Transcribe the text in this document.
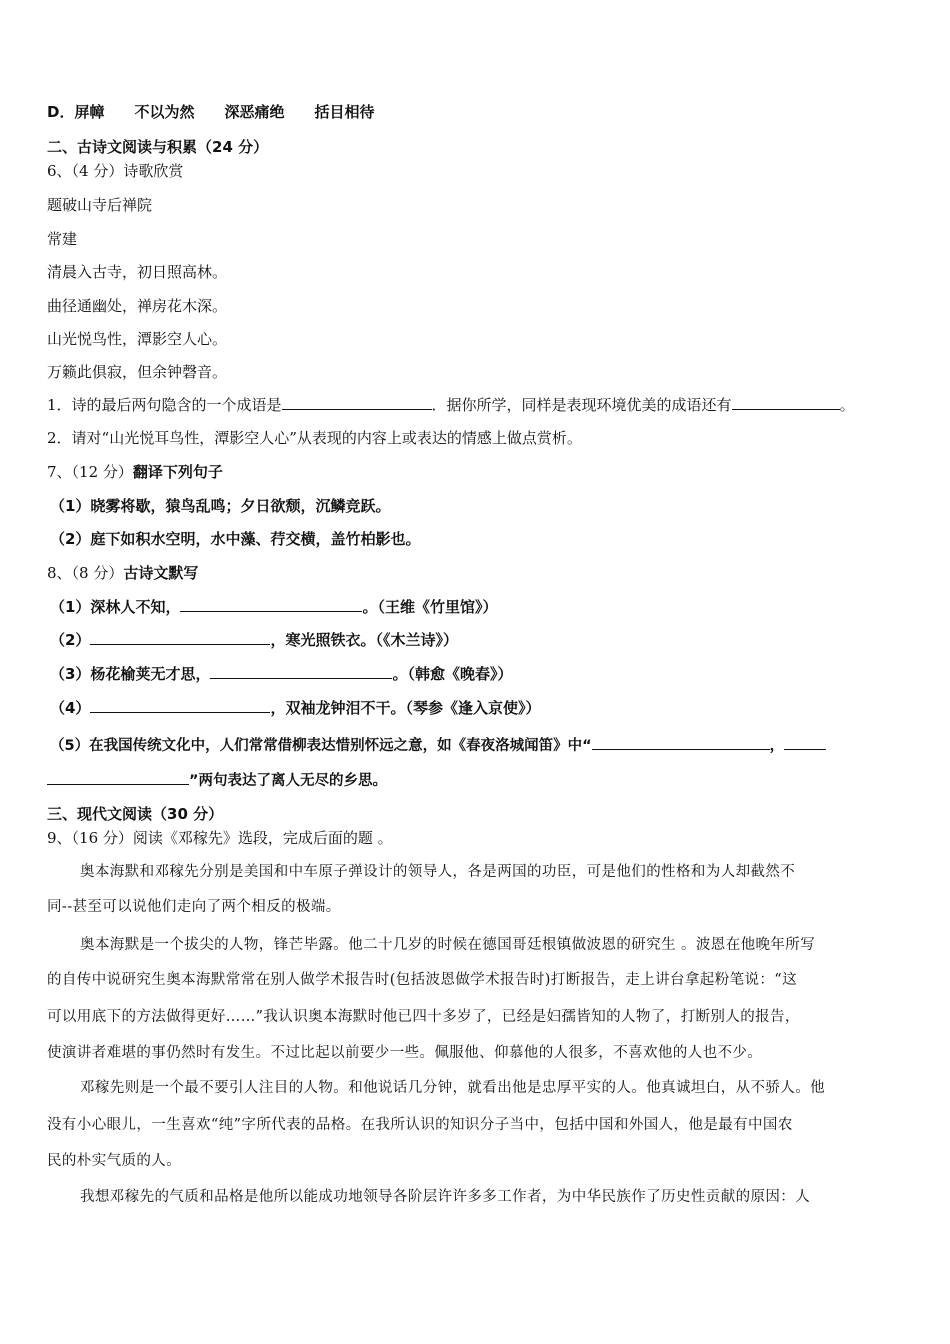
D．屏幛 不以为然 深恶痛绝 括目相待
二、古诗文阅读与积累（24 分）
6、（4 分）诗歌欣赏
题破山寺后禅院
常建
清晨入古寺，初日照高林。
曲径通幽处，禅房花木深。
山光悦鸟性，潭影空人心。
万籁此俱寂，但余钟磬音。
1．诗的最后两句隐含的一个成语是	．据你所学，同样是表现环境优美的成语还有	。
2．请对“山光悦耳鸟性，潭影空人心”从表现的内容上或表达的情感上做点赏析。
7、（12 分）翻译下列句子
（1）晓雾将歇，猿鸟乱鸣；夕日欲颓，沉鳞竞跃。
（2）庭下如积水空明，水中藻、荇交横，盖竹柏影也。
8、（8 分）古诗文默写
（1）深林人不知，	。（王维《竹里馆》）
（2）	，寒光照铁衣。（《木兰诗》）
（3）杨花榆荚无才思，	。（韩愈《晚春》）
（4）	，双袖龙钟泪不干。（琴参《逢入京使》）
（5）在我国传统文化中，人们常常借柳表达惜别怀远之意，如《春夜洛城闻笛》中“	，
”两句表达了离人无尽的乡思。
三、现代文阅读（30 分）
9、（16 分）阅读《邓稼先》选段，完成后面的题 。
奥本海默和邓稼先分别是美国和中车原子弹设计的领导人，各是两国的功臣，可是他们的性格和为人却截然不
同--甚至可以说他们走向了两个相反的极端。
奥本海默是一个拔尖的人物，锋芒毕露。他二十几岁的时候在德国哥廷根镇做波恩的研究生 。波恩在他晚年所写
的自传中说研究生奥本海默常常在别人做学术报告时(包括波恩做学术报告时)打断报告，走上讲台拿起粉笔说：“这
可以用底下的方法做得更好……”我认识奥本海默时他已四十多岁了，已经是妇孺皆知的人物了，打断别人的报告，
使演讲者难堪的事仍然时有发生。不过比起以前要少一些。佩服他、仰慕他的人很多，不喜欢他的人也不少。
邓稼先则是一个最不要引人注目的人物。和他说话几分钟，就看出他是忠厚平实的人。他真诚坦白，从不骄人。他
没有小心眼儿，一生喜欢“纯”字所代表的品格。在我所认识的知识分子当中，包括中国和外国人，他是最有中国农
民的朴实气质的人。
我想邓稼先的气质和品格是他所以能成功地领导各阶层许许多多工作者，为中华民族作了历史性贡献的原因：人
